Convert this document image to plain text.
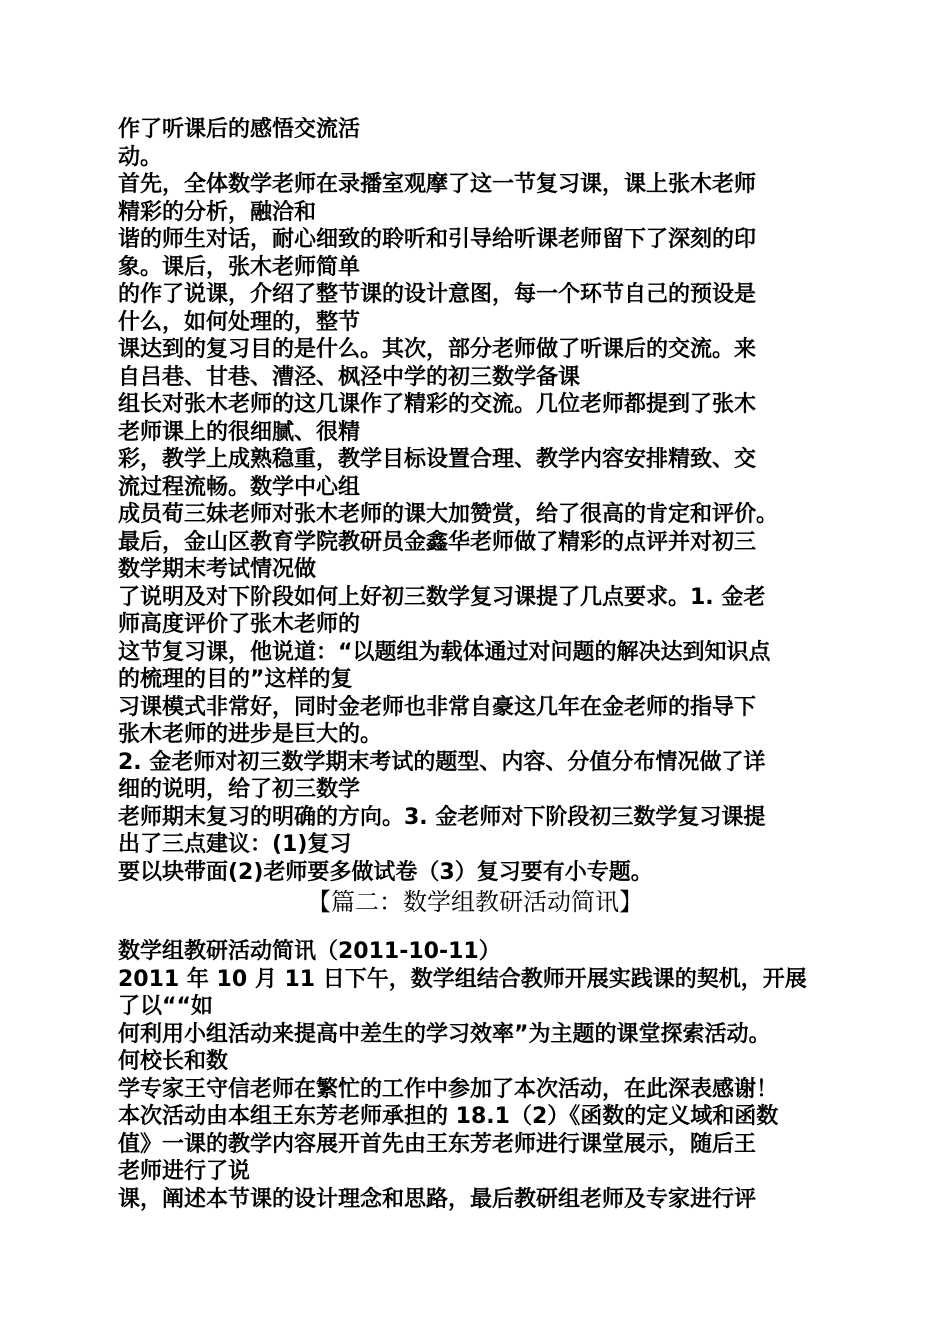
作了听课后的感悟交流活
动。
首先，全体数学老师在录播室观摩了这一节复习课，课上张木老师
精彩的分析，融洽和
谐的师生对话，耐心细致的聆听和引导给听课老师留下了深刻的印
象。课后，张木老师简单
的作了说课，介绍了整节课的设计意图，每一个环节自己的预设是
什么，如何处理的，整节
课达到的复习目的是什么。其次，部分老师做了听课后的交流。来
自吕巷、甘巷、漕泾、枫泾中学的初三数学备课
组长对张木老师的这几课作了精彩的交流。几位老师都提到了张木
老师课上的很细腻、很精
彩，教学上成熟稳重，教学目标设置合理、教学内容安排精致、交
流过程流畅。数学中心组
成员荀三妹老师对张木老师的课大加赞赏，给了很高的肯定和评价。
最后，金山区教育学院教研员金鑫华老师做了精彩的点评并对初三
数学期末考试情况做
了说明及对下阶段如何上好初三数学复习课提了几点要求。1. 金老
师高度评价了张木老师的
这节复习课，他说道：“以题组为载体通过对问题的解决达到知识点
的梳理的目的”这样的复
习课模式非常好，同时金老师也非常自豪这几年在金老师的指导下
张木老师的进步是巨大的。
2. 金老师对初三数学期末考试的题型、内容、分值分布情况做了详
细的说明，给了初三数学
老师期末复习的明确的方向。3. 金老师对下阶段初三数学复习课提
出了三点建议：(1)复习
要以块带面(2)老师要多做试卷（3）复习要有小专题。
【篇二：数学组教研活动简讯】
数学组教研活动简讯（2011-10-11）
2011 年 10 月 11 日下午，数学组结合教师开展实践课的契机，开展
了以““如
何利用小组活动来提高中差生的学习效率”为主题的课堂探索活动。
何校长和数
学专家王守信老师在繁忙的工作中参加了本次活动，在此深表感谢！
本次活动由本组王东芳老师承担的 18.1（2）《函数的定义域和函数
值》一课的教学内容展开首先由王东芳老师进行课堂展示，随后王
老师进行了说
课，阐述本节课的设计理念和思路，最后教研组老师及专家进行评
